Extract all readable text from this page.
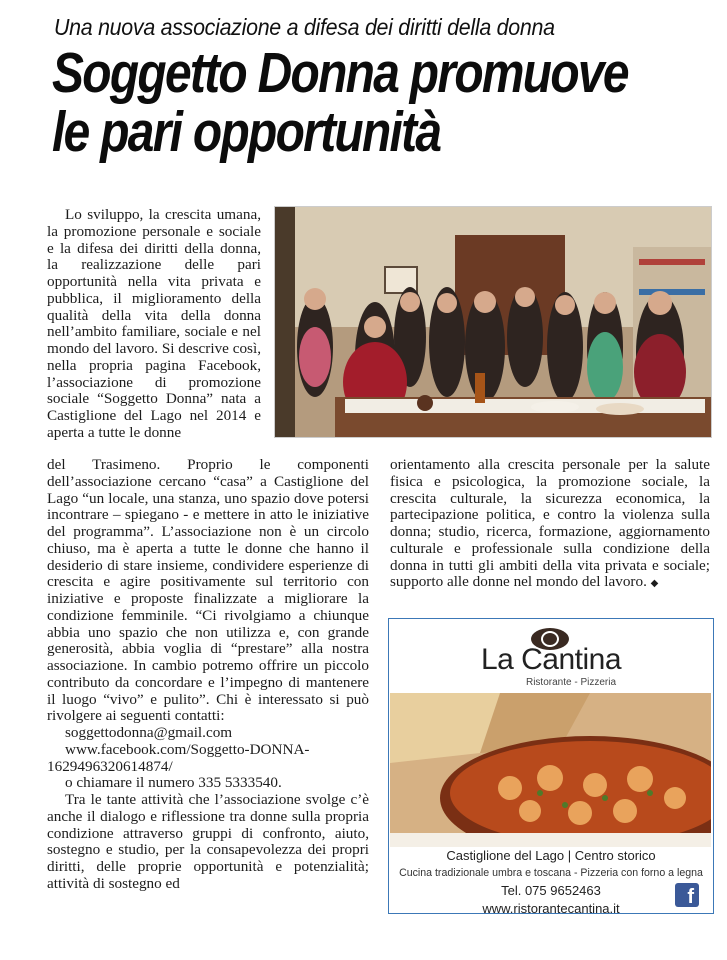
Una nuova associazione a difesa dei diritti della donna
Soggetto Donna promuove
le pari opportunità

Lo sviluppo, la crescita umana, la promozione personale e sociale e la difesa dei diritti della donna, la realizzazione delle pari opportunità nella vita privata e pubblica, il miglioramento della qualità della vita della donna nell’ambito familiare, sociale e nel mondo del lavoro. Si descrive così, nella propria pagina Facebook, l’associazione di promozione sociale “Soggetto Donna” nata a Castiglione del Lago nel 2014 e aperta a tutte le donne

del Trasimeno. Proprio le componenti dell’associazione cercano “casa” a Castiglione del Lago “un locale, una stanza, uno spazio dove potersi incontrare – spiegano - e mettere in atto le iniziative del programma”. L’associazione non è un circolo chiuso, ma è aperta a tutte le donne che hanno il desiderio di stare insieme, condividere esperienze di crescita e agire positivamente sul territorio con iniziative e proposte finalizzate a migliorare la condizione femminile. “Ci rivolgiamo a chiunque abbia uno spazio che non utilizza e, con grande generosità, abbia voglia di “prestare” alla nostra associazione. In cambio potremo offrire un piccolo contributo da concordare e l’impegno di mantenere il luogo “vivo” e pulito”. Chi è interessato si può rivolgere ai seguenti contatti:

soggettodonna@gmail.com

www.facebook.com/Soggetto-DONNA-1629496320614874/

o chiamare il numero 335 5333540.

Tra le tante attività che l’associazione svolge c’è anche il dialogo e riflessione tra donne sulla propria condizione attraverso gruppi di confronto, aiuto, sostegno e studio, per la consapevolezza dei propri diritti, delle proprie opportunità e potenzialità; attività di sostegno ed

orientamento alla crescita personale per la salute fisica e psicologica, la promozione sociale, la crescita culturale, la sicurezza economica, la partecipazione politica, e contro la violenza sulla donna; studio, ricerca, formazione, aggiornamento culturale e professionale sulla condizione della donna in tutti gli ambiti della vita privata e sociale; supporto alle donne nel mondo del lavoro. ◆

La Cantina
Ristorante - Pizzeria
Castiglione del Lago | Centro storico
Cucina tradizionale umbra e toscana - Pizzeria con forno a legna
Tel. 075 9652463
www.ristorantecantina.it
f
